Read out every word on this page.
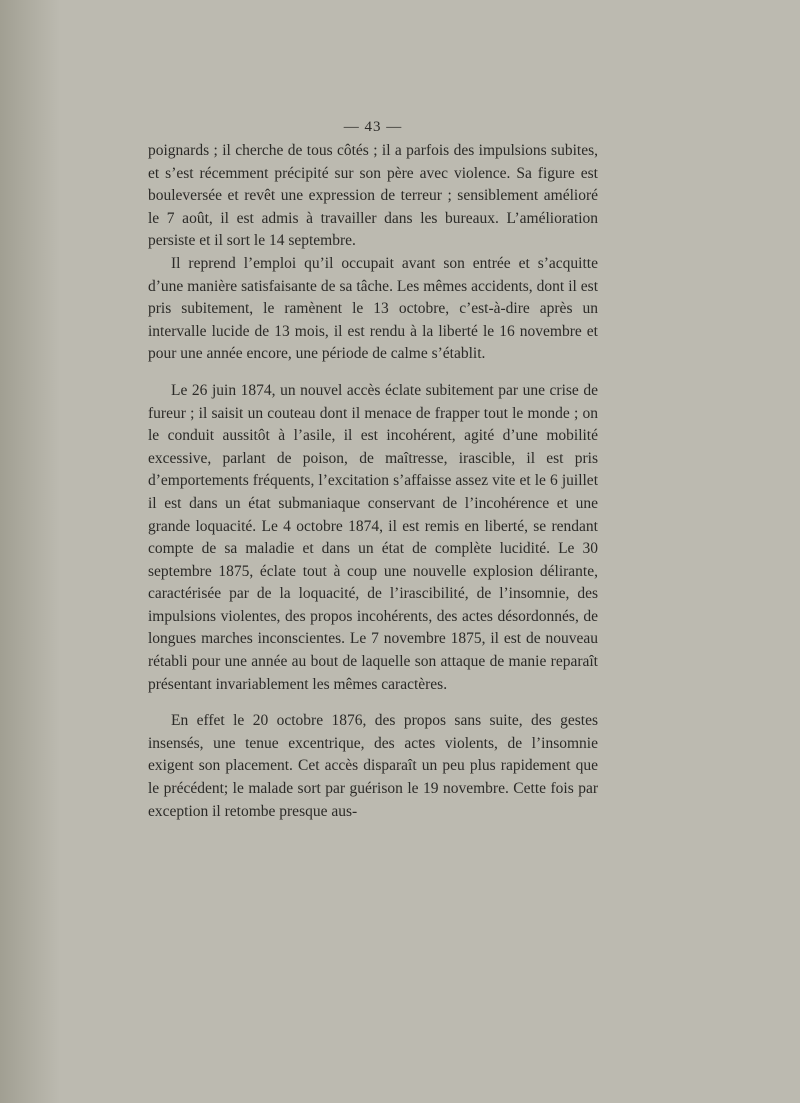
— 43 —

poignards ; il cherche de tous côtés ; il a parfois des impulsions subites, et s’est récemment précipité sur son père avec violence. Sa figure est bouleversée et revêt une expression de terreur ; sensiblement amélioré le 7 août, il est admis à travailler dans les bureaux. L’amélioration persiste et il sort le 14 septembre.

Il reprend l’emploi qu’il occupait avant son entrée et s’acquitte d’une manière satisfaisante de sa tâche. Les mêmes accidents, dont il est pris subitement, le ramènent le 13 octobre, c’est-à-dire après un intervalle lucide de 13 mois, il est rendu à la liberté le 16 novembre et pour une année encore, une période de calme s’établit.

Le 26 juin 1874, un nouvel accès éclate subitement par une crise de fureur ; il saisit un couteau dont il menace de frapper tout le monde ; on le conduit aussitôt à l’asile, il est incohérent, agité d’une mobilité excessive, parlant de poison, de maîtresse, irascible, il est pris d’emportements fréquents, l’excitation s’affaisse assez vite et le 6 juillet il est dans un état submaniaque conservant de l’incohérence et une grande loquacité. Le 4 octobre 1874, il est remis en liberté, se rendant compte de sa maladie et dans un état de complète lucidité. Le 30 septembre 1875, éclate tout à coup une nouvelle explosion délirante, caractérisée par de la loquacité, de l’irascibilité, de l’insomnie, des impulsions violentes, des propos incohérents, des actes désordonnés, de longues marches inconscientes. Le 7 novembre 1875, il est de nouveau rétabli pour une année au bout de laquelle son attaque de manie reparaît présentant invariablement les mêmes caractères.

En effet le 20 octobre 1876, des propos sans suite, des gestes insensés, une tenue excentrique, des actes violents, de l’insomnie exigent son placement. Cet accès disparaît un peu plus rapidement que le précédent; le malade sort par guérison le 19 novembre. Cette fois par exception il retombe presque aus-
